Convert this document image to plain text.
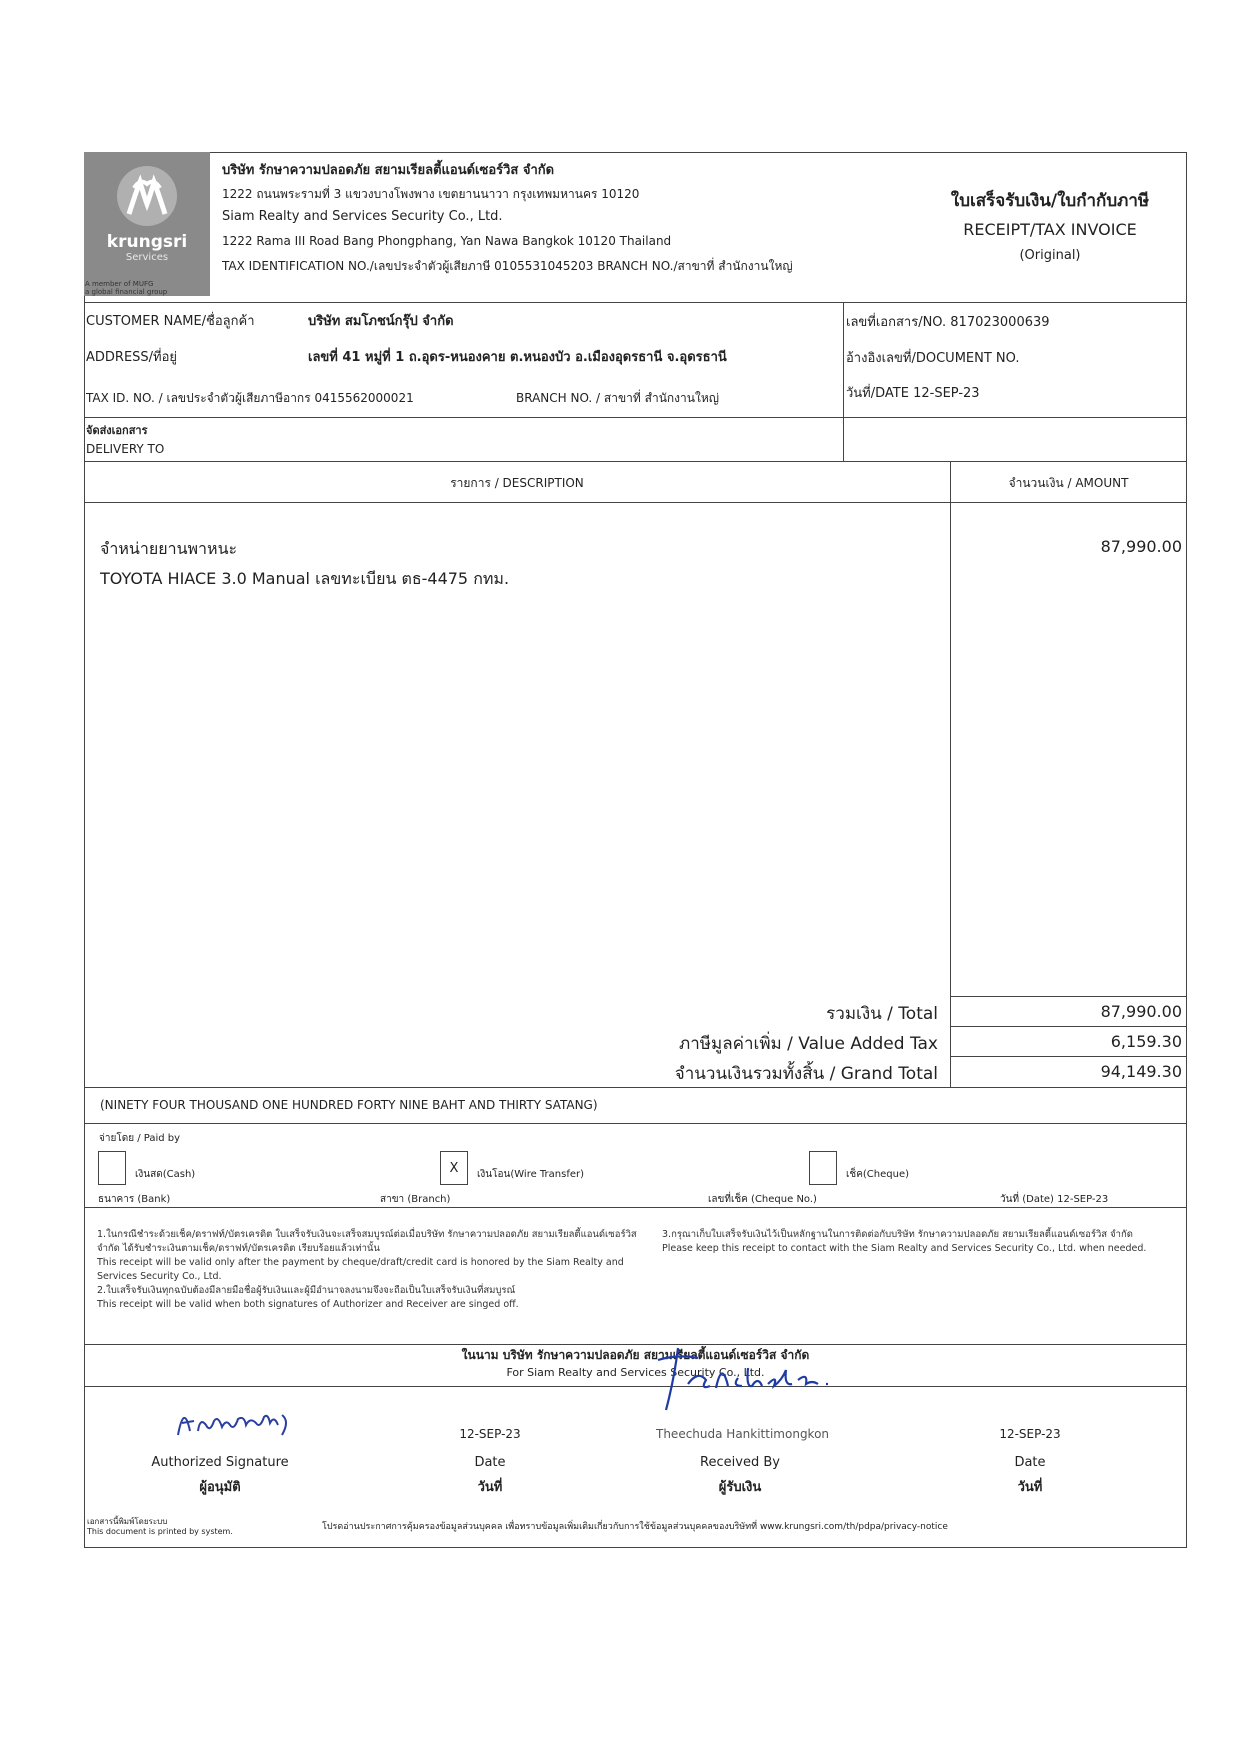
krungsri
Services
A member of MUFG
a global financial group
บริษัท รักษาความปลอดภัย สยามเรียลตี้แอนด์เซอร์วิส จำกัด
1222 ถนนพระรามที่ 3 แขวงบางโพงพาง เขตยานนาวา กรุงเทพมหานคร 10120
Siam Realty and Services Security Co., Ltd.
1222 Rama III Road Bang Phongphang, Yan Nawa Bangkok 10120 Thailand
TAX IDENTIFICATION NO./เลขประจำตัวผู้เสียภาษี 0105531045203 BRANCH NO./สาขาที่ สำนักงานใหญ่
ใบเสร็จรับเงิน/ใบกำกับภาษี
RECEIPT/TAX INVOICE
(Original)
CUSTOMER NAME/ชื่อลูกค้า	บริษัท สมโภชน์กรุ๊ป จำกัด
ADDRESS/ที่อยู่	เลขที่ 41 หมู่ที่ 1 ถ.อุดร-หนองคาย ต.หนองบัว อ.เมืองอุดรธานี จ.อุดรธานี
TAX ID. NO. / เลขประจำตัวผู้เสียภาษีอากร 0415562000021	BRANCH NO. / สาขาที่ สำนักงานใหญ่
จัดส่งเอกสาร
DELIVERY TO
เลขที่เอกสาร/NO. 817023000639
อ้างอิงเลขที่/DOCUMENT NO.
วันที่/DATE 12-SEP-23
รายการ / DESCRIPTION	จำนวนเงิน / AMOUNT
จำหน่ายยานพาหนะ
TOYOTA HIACE 3.0 Manual เลขทะเบียน ตธ-4475 กทม.
87,990.00
รวมเงิน / Total	87,990.00
ภาษีมูลค่าเพิ่ม / Value Added Tax	6,159.30
จำนวนเงินรวมทั้งสิ้น / Grand Total	94,149.30
(NINETY FOUR THOUSAND ONE HUNDRED FORTY NINE BAHT AND THIRTY SATANG)
จ่ายโดย / Paid by
เงินสด(Cash)	X	เงินโอน(Wire Transfer)	เช็ค(Cheque)
ธนาคาร (Bank)	สาขา (Branch)	เลขที่เช็ค (Cheque No.)	วันที่ (Date) 12-SEP-23
1.ในกรณีชำระด้วยเช็ค/ดราฟท์/บัตรเครดิต ใบเสร็จรับเงินจะเสร็จสมบูรณ์ต่อเมื่อบริษัท รักษาความปลอดภัย สยามเรียลตี้แอนด์เซอร์วิส จำกัด ได้รับชำระเงินตามเช็ค/ดราฟท์/บัตรเครดิต เรียบร้อยแล้วเท่านั้น
This receipt will be valid only after the payment by cheque/draft/credit card is honored by the Siam Realty and Services Security Co., Ltd.
2.ใบเสร็จรับเงินทุกฉบับต้องมีลายมือชื่อผู้รับเงินและผู้มีอำนาจลงนามจึงจะถือเป็นใบเสร็จรับเงินที่สมบูรณ์
This receipt will be valid when both signatures of Authorizer and Receiver are singed off.
3.กรุณาเก็บใบเสร็จรับเงินไว้เป็นหลักฐานในการติดต่อกับบริษัท รักษาความปลอดภัย สยามเรียลตี้แอนด์เซอร์วิส จำกัด
Please keep this receipt to contact with the Siam Realty and Services Security Co., Ltd. when needed.
ในนาม บริษัท รักษาความปลอดภัย สยามเรียลตี้แอนด์เซอร์วิส จำกัด
For Siam Realty and Services Security Co., Ltd.
12-SEP-23	Theechuda Hankittimongkon	12-SEP-23
Authorized Signature
ผู้อนุมัติ
Date
วันที่
Received By
ผู้รับเงิน
Date
วันที่
เอกสารนี้พิมพ์โดยระบบ
This document is printed by system.	โปรดอ่านประกาศการคุ้มครองข้อมูลส่วนบุคคล เพื่อทราบข้อมูลเพิ่มเติมเกี่ยวกับการใช้ข้อมูลส่วนบุคคลของบริษัทที่ www.krungsri.com/th/pdpa/privacy-notice
